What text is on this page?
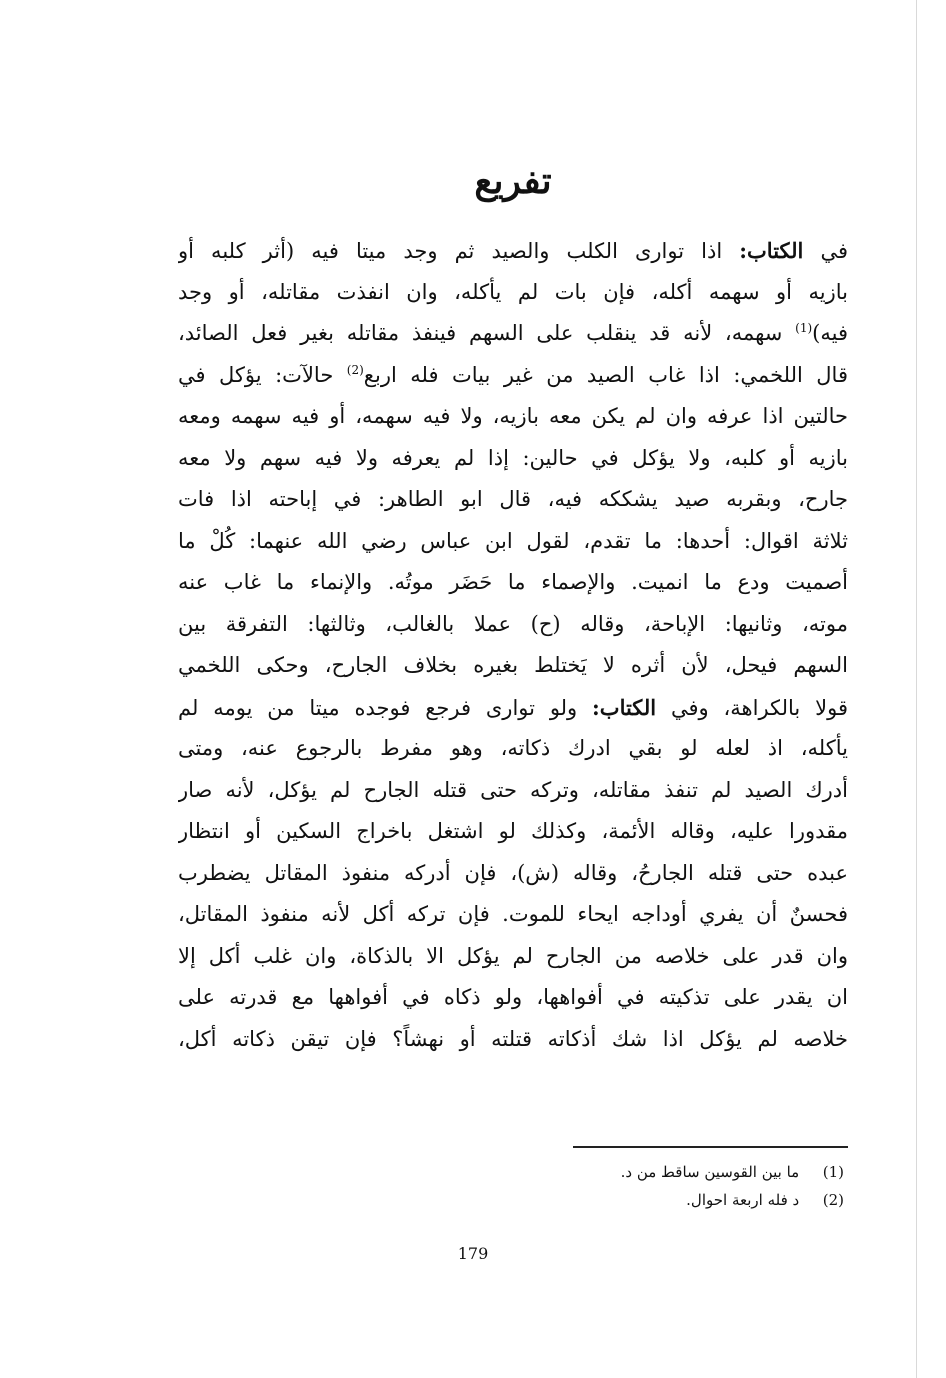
تفريع
في الكتاب: اذا توارى الكلب والصيد ثم وجد ميتا فيه (أثر كلبه أو
بازيه أو سهمه أكله، فإن بات لم يأكله، وان انفذت مقاتله، أو وجد
فيه)$^{(1)}$ سهمه، لأنه قد ينقلب على السهم فينفذ مقاتله بغير فعل الصائد،
قال اللخمي: اذا غاب الصيد من غير بيات فله اربع$^{(2)}$ حالآت: يؤكل في
حالتين اذا عرفه وان لم يكن معه بازيه، ولا فيه سهمه، أو فيه سهمه ومعه
بازيه أو كلبه، ولا يؤكل في حالين: إذا لم يعرفه ولا فيه سهم ولا معه
جارح، وبقربه صيد يشككه فيه، قال ابو الطاهر: في إباحته اذا فات
ثلاثة اقوال: أحدها: ما تقدم، لقول ابن عباس رضي الله عنهما: كُلْ ما
أصميت ودع ما انميت. والإصماء ما حَضَر موتُه. والإنماء ما غاب عنه
موته، وثانيها: الإباحة، وقاله (ح) عملا بالغالب، وثالثها: التفرقة بين
السهم فيحل، لأن أثره لا يَختلط بغيره بخلاف الجارح، وحكى اللخمي
قولا بالكراهة، وفي الكتاب: ولو توارى فرجع فوجده ميتا من يومه لم
يأكله، اذ لعله لو بقي ادرك ذكاته، وهو مفرط بالرجوع عنه، ومتى
أدرك الصيد لم تنفذ مقاتله، وتركه حتى قتله الجارح لم يؤكل، لأنه صار
مقدورا عليه، وقاله الأئمة، وكذلك لو اشتغل باخراج السكين أو انتظار
عبده حتى قتله الجارحُ، وقاله (ش)، فإن أدركه منفوذ المقاتل يضطرب
فحسنٌ أن يفري أوداجه ايحاء للموت. فإن تركه أكل لأنه منفوذ المقاتل،
وان قدر على خلاصه من الجارح لم يؤكل الا بالذكاة، وان غلب أكل إلا
ان يقدر على تذكيته في أفواهها، ولو ذكاه في أفواهها مع قدرته على
خلاصه لم يؤكل اذا شك أذكاته قتلته أو نهشاً؟ فإن تيقن ذكاته أكل،
(1) ما بين القوسين ساقط من د.
(2) د فله اربعة احوال.
179
